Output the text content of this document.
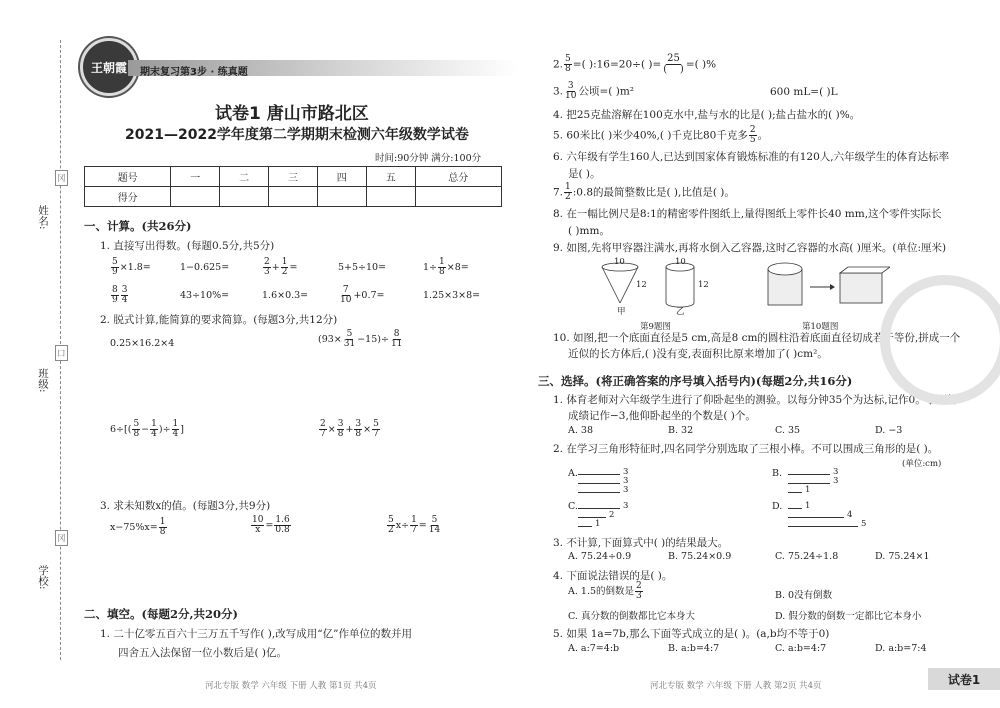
姓名:
班级:
学校:
冈
口
冈
王朝霞	期末复习第3步 · 练真题
试卷1 唐山市路北区
2021—2022学年度第二学期期末检测六年级数学试卷
时间:90分钟 满分:100分
题号	一	二	三	四	五	总分
得分						
一、计算。(共26分)
1. 直接写出得数。(每题0.5分,共5分)
$\frac{5}{9} \times 1.8=$	1−0.625=	$\frac{2}{3} + \frac{1}{2}$ =	5+5÷10=	$1\div \frac{1}{8} \times 8=$
$\frac{8}{9} \frac{3}{4}$	43÷10%=	1.6×0.3=	$\frac{7}{10} +0.7=$	1.25×3×8=
2. 脱式计算,能简算的要求简算。(每题3分,共12分)
0.25×16.2×4	$(93\times \frac{5}{31} -15)\div \frac{8}{11}$
$6\div[( \frac{5}{8} - \frac{1}{4}$ )÷ $\frac{1}{4}$ ]	$\frac{2}{7} \times \frac{3}{8} + \frac{3}{8} \times \frac{5}{7}$
3. 求未知数x的值。(每题3分,共9分)
$x-75\%x= \frac{1}{8}$	$\frac{10}{x} = \frac{1.6}{0.8}$	$\frac{5}{2} x\div \frac{1}{7} = \frac{5}{14}$
二、填空。(每题2分,共20分)
1. 二十亿零五百六十三万五千写作( ),改写成用“亿”作单位的数并用
四舍五入法保留一位小数后是( )亿。
河北专版 数学 六年级 下册 人教 第1页 共4页
2. $\frac{5}{8}$ =( ):16=20÷( )= $\frac{25}{( )}$ =( )%
3. $\frac{3}{10}$ 公顷=( )m²	600 mL=( )L
4. 把25克盐溶解在100克水中,盐与水的比是( );盐占盐水的( )%。
5. 60米比( )米少40%,( )千克比80千克多 $\frac{2}{5}$ 。
6. 六年级有学生160人,已达到国家体育锻炼标准的有120人,六年级学生的体育达标率
是( )。
7. $\frac{1}{2}$ :0.8的最简整数比是( ),比值是( )。
8. 在一幅比例尺是8:1的精密零件图纸上,量得图纸上零件长40 mm,这个零件实际长
( )mm。
9. 如图,先将甲容器注满水,再将水倒入乙容器,这时乙容器的水高( )厘米。(单位:厘米)
10
12
10
12
甲	乙
第9题图	第10题图
10. 如图,把一个底面直径是5 cm,高是8 cm的圆柱沿着底面直径切成若干等份,拼成一个
近似的长方体后,( )没有变,表面积比原来增加了( )cm²。
三、选择。(将正确答案的序号填入括号内)(每题2分,共16分)
1. 体育老师对六年级学生进行了仰卧起坐的测验。以每分钟35个为达标,记作0。小明的
成绩记作−3,他仰卧起坐的个数是( )个。
A. 38	B. 32	C. 35	D. −3
2. 在学习三角形特征时,四名同学分别选取了三根小棒。不可以围成三角形的是( )。
(单位:cm)
A.	3
3
3
B.	3
3
1
C.	3
2
1
D.
4
5
1
3. 不计算,下面算式中( )的结果最大。
A. 75.24÷0.9	B. 75.24×0.9	C. 75.24÷1.8	D. 75.24×1
4. 下面说法错误的是( )。
A. 1.5的倒数是 $\frac{2}{3}$	B. 0没有倒数
C. 真分数的倒数都比它本身大	D. 假分数的倒数一定都比它本身小
5. 如果 1a=7b,那么下面等式成立的是( )。(a,b均不等于0)
A. a:7=4:b	B. a:b=4:7	C. a:b=4:7	D. a:b=7:4
河北专版 数学 六年级 下册 人教 第2页 共4页	试卷1
